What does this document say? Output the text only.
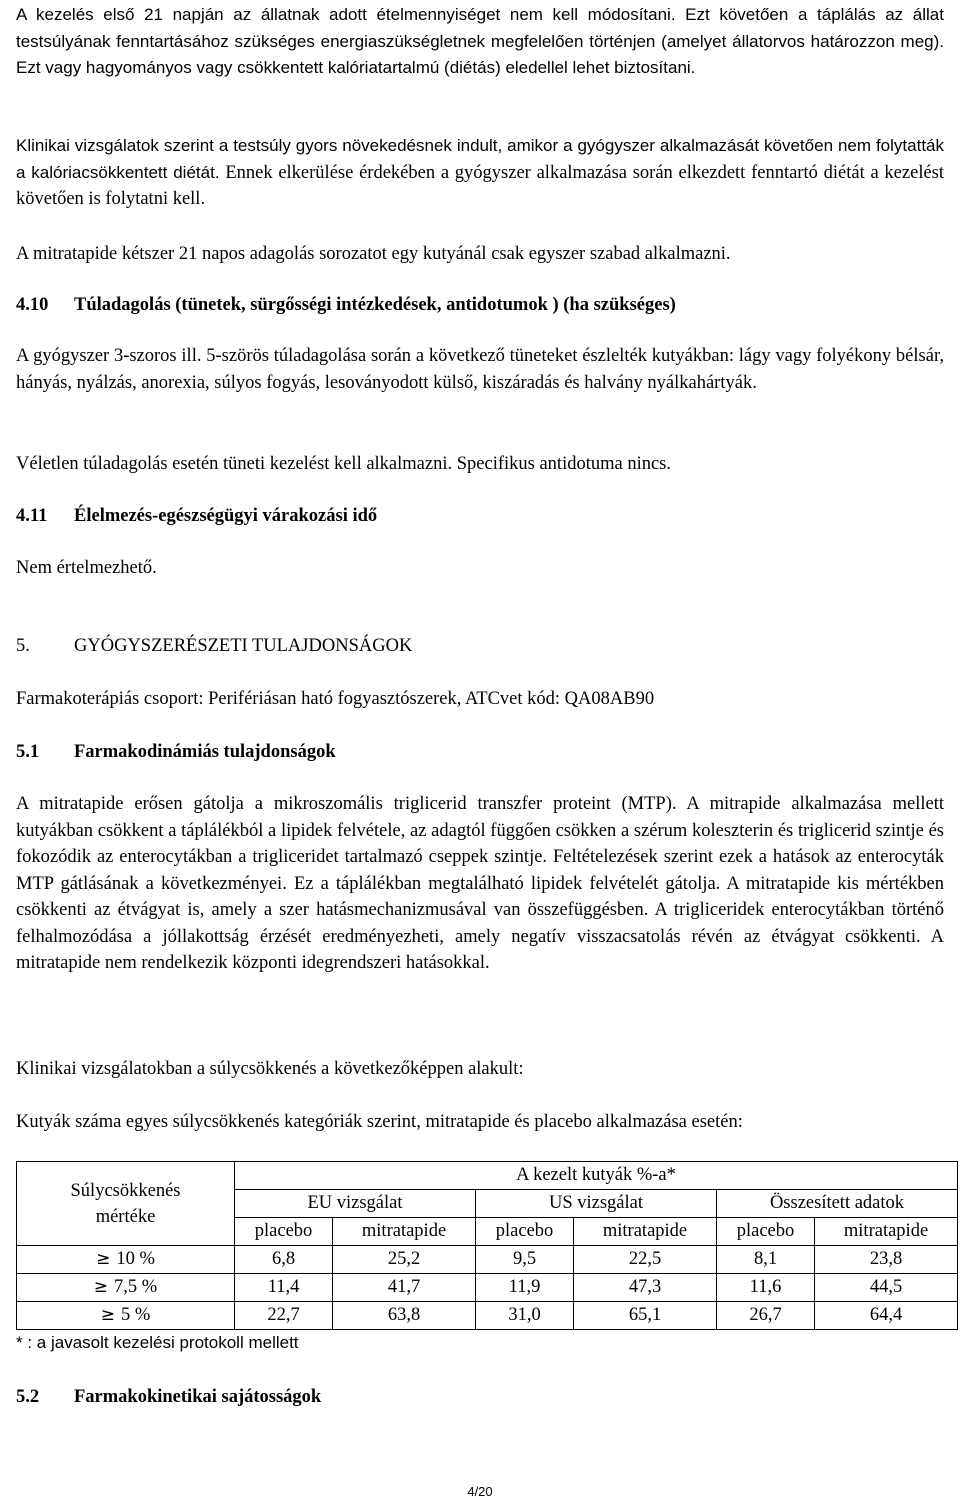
A kezelés első 21 napján az állatnak adott ételmennyiséget nem kell módosítani. Ezt követően a táplálás az állat testsúlyának fenntartásához szükséges energiaszükségletnek megfelelően történjen (amelyet állatorvos határozzon meg). Ezt vagy hagyományos vagy csökkentett kalóriatartalmú (diétás) eledellel lehet biztosítani.

Klinikai vizsgálatok szerint a testsúly gyors növekedésnek indult, amikor a gyógyszer alkalmazását követően nem folytatták a kalóriacsökkentett diétát. Ennek elkerülése érdekében a gyógyszer alkalmazása során elkezdett fenntartó diétát a kezelést követően is folytatni kell.

A mitratapide kétszer 21 napos adagolás sorozatot egy kutyánál csak egyszer szabad alkalmazni.

4.10 Túladagolás (tünetek, sürgősségi intézkedések, antidotumok ) (ha szükséges)

A gyógyszer 3-szoros ill. 5-szörös túladagolása során a következő tüneteket észlelték kutyákban: lágy vagy folyékony bélsár, hányás, nyálzás, anorexia, súlyos fogyás, lesoványodott külső, kiszáradás és halvány nyálkahártyák.

Véletlen túladagolás esetén tüneti kezelést kell alkalmazni. Specifikus antidotuma nincs.

4.11 Élelmezés-egészségügyi várakozási idő

Nem értelmezhető.

5. GYÓGYSZERÉSZETI TULAJDONSÁGOK

Farmakoterápiás csoport: Perifériásan ható fogyasztószerek, ATCvet kód: QA08AB90

5.1 Farmakodinámiás tulajdonságok

A mitratapide erősen gátolja a mikroszomális triglicerid transzfer proteint (MTP). A mitrapide alkalmazása mellett kutyákban csökkent a táplálékból a lipidek felvétele, az adagtól függően csökken a szérum koleszterin és triglicerid szintje és fokozódik az enterocytákban a trigliceridet tartalmazó cseppek szintje. Feltételezések szerint ezek a hatások az enterocyták MTP gátlásának a következményei. Ez a táplálékban megtalálható lipidek felvételét gátolja. A mitratapide kis mértékben csökkenti az étvágyat is, amely a szer hatásmechanizmusával van összefüggésben. A trigliceridek enterocytákban történő felhalmozódása a jóllakottság érzését eredményezheti, amely negatív visszacsatolás révén az étvágyat csökkenti. A mitratapide nem rendelkezik központi idegrendszeri hatásokkal.

Klinikai vizsgálatokban a súlycsökkenés a következőképpen alakult:

Kutyák száma egyes súlycsökkenés kategóriák szerint, mitratapide és placebo alkalmazása esetén:

Súlycsökkenés
mértéke	A kezelt kutyák %-a*					
	EU vizsgálat		US vizsgálat		Összesített adatok	
	placebo	mitratapide	placebo	mitratapide	placebo	mitratapide
≥ 10 %	6,8	25,2	9,5	22,5	8,1	23,8
≥ 7,5 %	11,4	41,7	11,9	47,3	11,6	44,5
≥ 5 %	22,7	63,8	31,0	65,1	26,7	64,4
* : a javasolt kezelési protokoll mellett

5.2 Farmakokinetikai sajátosságok

4/20
